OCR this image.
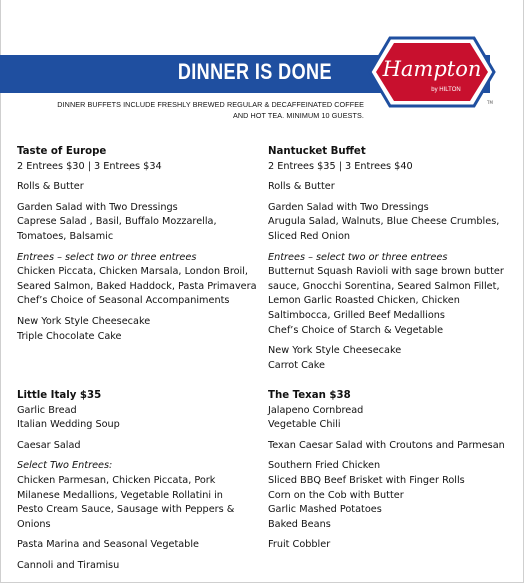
DINNER IS DONE Hampton
by HILTON
TM
DINNER BUFFETS INCLUDE FRESHLY BREWED REGULAR & DECAFFEINATED COFFEE
AND HOT TEA. MINIMUM 10 GUESTS.

Taste of Europe

2 Entrees $30 | 3 Entrees $34

Rolls & Butter

Garden Salad with Two Dressings

Caprese Salad , Basil, Buffalo Mozzarella,

Tomatoes, Balsamic

Entrees – select two or three entrees

Chicken Piccata, Chicken Marsala, London Broil,

Seared Salmon, Baked Haddock, Pasta Primavera

Chef’s Choice of Seasonal Accompaniments

New York Style Cheesecake

Triple Chocolate Cake

Nantucket Buffet

2 Entrees $35 | 3 Entrees $40

Rolls & Butter

Garden Salad with Two Dressings

Arugula Salad, Walnuts, Blue Cheese Crumbles,

Sliced Red Onion

Entrees – select two or three entrees

Butternut Squash Ravioli with sage brown butter

sauce, Gnocchi Sorentina, Seared Salmon Fillet,

Lemon Garlic Roasted Chicken, Chicken

Saltimbocca, Grilled Beef Medallions

Chef’s Choice of Starch & Vegetable

New York Style Cheesecake

Carrot Cake

Little Italy $35

Garlic Bread

Italian Wedding Soup

Caesar Salad

Select Two Entrees:

Chicken Parmesan, Chicken Piccata, Pork

Milanese Medallions, Vegetable Rollatini in

Pesto Cream Sauce, Sausage with Peppers &

Onions

Pasta Marina and Seasonal Vegetable

Cannoli and Tiramisu

The Texan $38

Jalapeno Cornbread

Vegetable Chili

Texan Caesar Salad with Croutons and Parmesan

Southern Fried Chicken

Sliced BBQ Beef Brisket with Finger Rolls

Corn on the Cob with Butter

Garlic Mashed Potatoes

Baked Beans

Fruit Cobbler
